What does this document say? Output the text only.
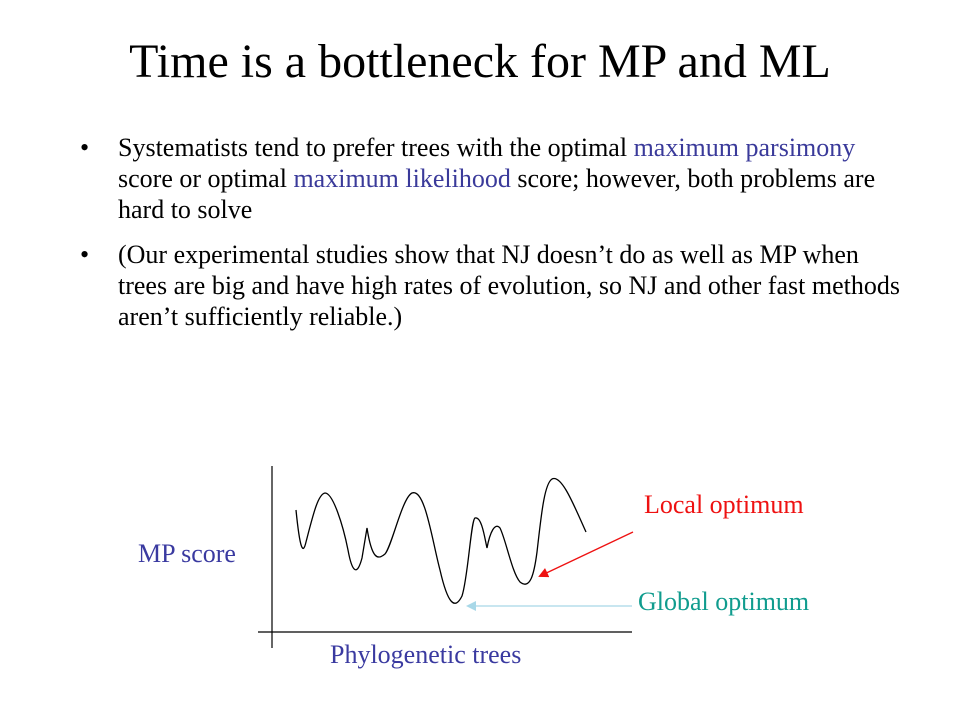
Time is a bottleneck for MP and ML
• Systematists tend to prefer trees with the optimal maximum parsimony score or optimal maximum likelihood score; however, both problems are hard to solve
• (Our experimental studies show that NJ doesn’t do as well as MP when trees are big and have high rates of evolution, so NJ and other fast methods aren’t sufficiently reliable.)
MP score
Phylogenetic trees
Local optimum
Global optimum
